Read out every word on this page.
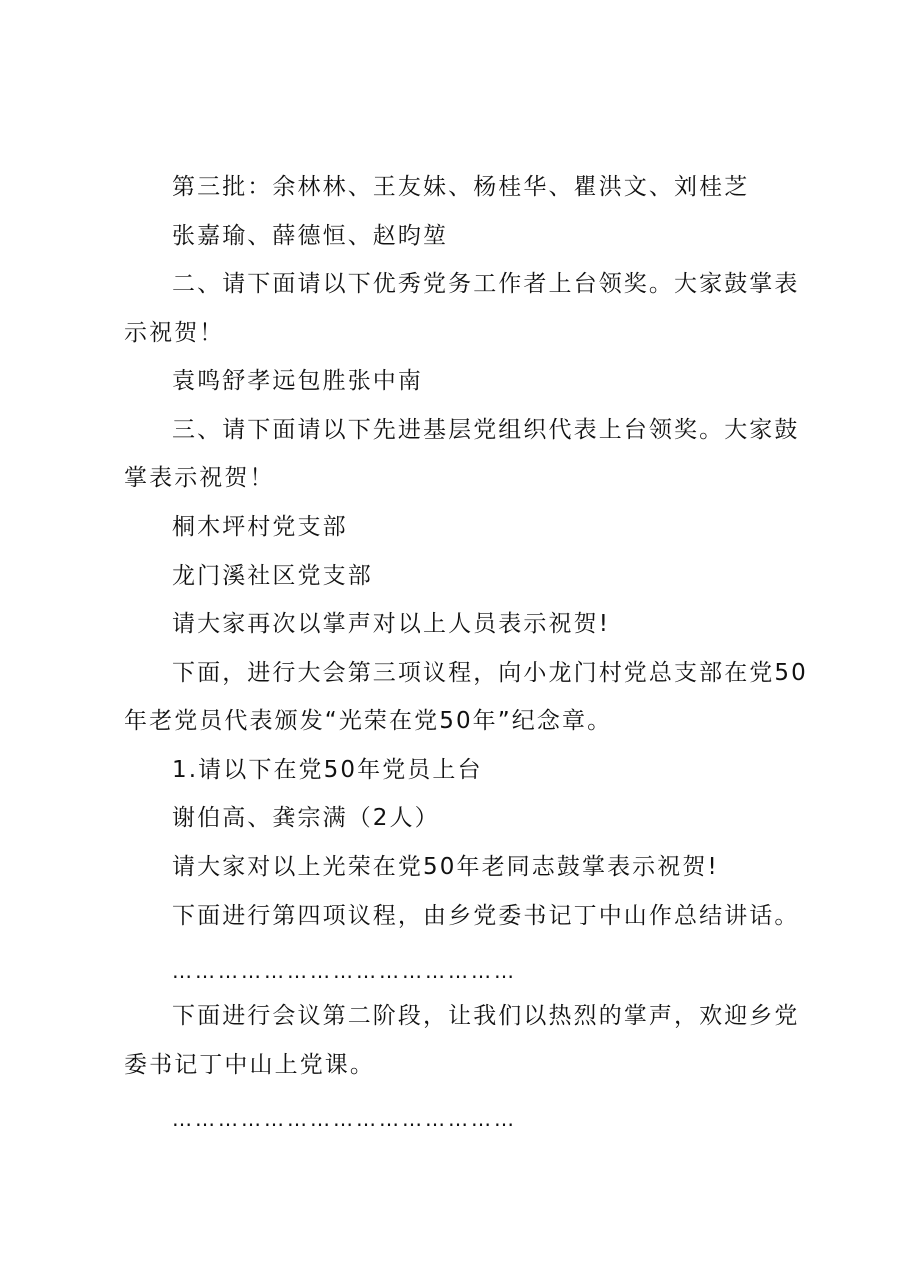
第三批：余林林、王友妹、杨桂华、瞿洪文、刘桂芝
张嘉瑜、薛德恒、赵昀堃
二、请下面请以下优秀党务工作者上台领奖。大家鼓掌表
示祝贺！
袁鸣舒孝远包胜张中南
三、请下面请以下先进基层党组织代表上台领奖。大家鼓
掌表示祝贺！
桐木坪村党支部
龙门溪社区党支部
请大家再次以掌声对以上人员表示祝贺!
下面，进行大会第三项议程，向小龙门村党总支部在党50
年老党员代表颁发“光荣在党50年”纪念章。
1.请以下在党50年党员上台
谢伯高、龚宗满（2人）
请大家对以上光荣在党50年老同志鼓掌表示祝贺!
下面进行第四项议程，由乡党委书记丁中山作总结讲话。
………………………………………
下面进行会议第二阶段，让我们以热烈的掌声，欢迎乡党
委书记丁中山上党课。
………………………………………
